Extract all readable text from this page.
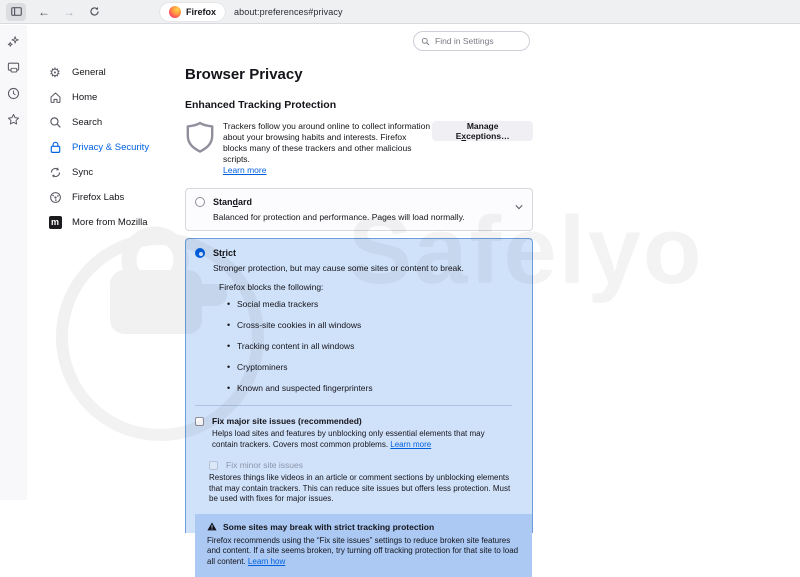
← →	Firefox about:preferences#privacy
⚙ General
Home
Search
Privacy & Security
Sync
Firefox Labs
m More from Mozilla
Find in Settings
Browser Privacy
Enhanced Tracking Protection
Trackers follow you around online to collect information about your browsing habits and interests. Firefox blocks many of these trackers and other malicious scripts.
Learn more
Manage Exceptions…
Standard
Balanced for protection and performance. Pages will load normally.
Strict
Stronger protection, but may cause some sites or content to break.
Firefox blocks the following:
• Social media trackers
• Cross-site cookies in all windows
• Tracking content in all windows
• Cryptominers
• Known and suspected fingerprinters
Fix major site issues (recommended)
Helps load sites and features by unblocking only essential elements that may contain trackers. Covers most common problems. Learn more
Fix minor site issues
Restores things like videos in an article or comment sections by unblocking elements that may contain trackers. This can reduce site issues but offers less protection. Must be used with fixes for major issues.
Some sites may break with strict tracking protection
Firefox recommends using the “Fix site issues” settings to reduce broken site features and content. If a site seems broken, try turning off tracking protection for that site to load all content. Learn how
